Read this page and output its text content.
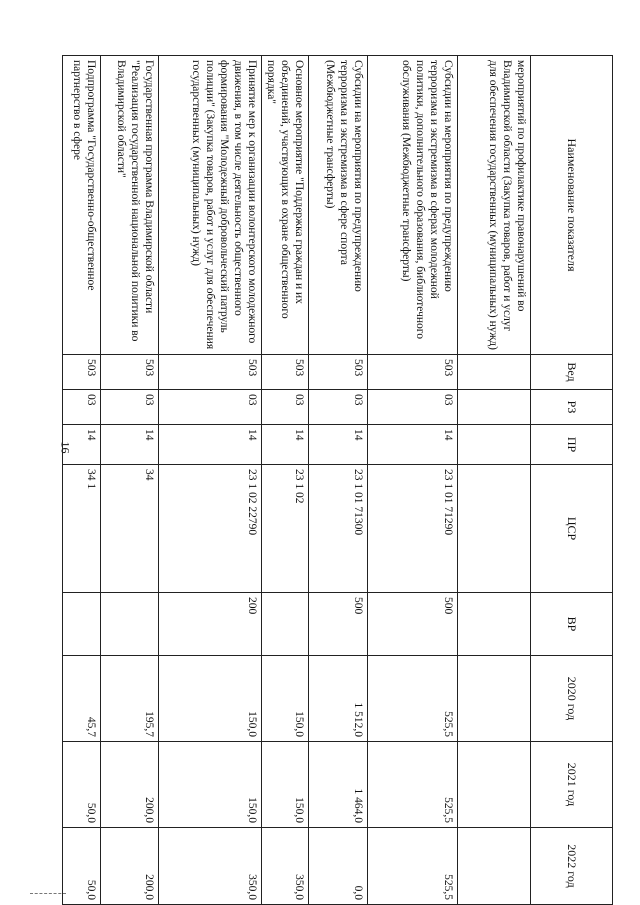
16
Наименование показателя	Вед	РЗ	ПР	ЦСР	ВР	2020 год	2021 год	2022 год
мероприятий по профилактике правонарушений во Владимирской области (Закупка товаров, работ и услуг для обеспечения государственных (муниципальных) нужд)								
Субсидии на мероприятия по предупреждению терроризма и экстремизма в сферах молодежной политики, дополнительного образования, библиотечного обслуживания (Межбюджетные трансферты)	503	03	14	23 1 01 71290	500	525,5	525,5	525,5
Субсидии на мероприятия по предупреждению терроризма и экстремизма в сфере спорта (Межбюджетные трансферты)	503	03	14	23 1 01 71300	500	1 512,0	1 464,0	0,0
Основное мероприятие "Поддержка граждан и их объединений, участвующих в охране общественного порядка"	503	03	14	23 1 02		150,0	150,0	350,0
Принятие мер к организации волонтерского молодежного движения, в том числе деятельность общественного формирования "Молодежный добровольческий патруль полиции" (Закупка товаров, работ и услуг для обеспечения государственных (муниципальных) нужд)	503	03	14	23 1 02 22790	200	150,0	150,0	350,0
Государственная программа Владимирской области "Реализация государственной национальной политики во Владимирской области"	503	03	14	34		195,7	200,0	200,0
Подпрограмма "Государственно-общественное партнерство в сфере	503	03	14	34 1		45,7	50,0	50,0
